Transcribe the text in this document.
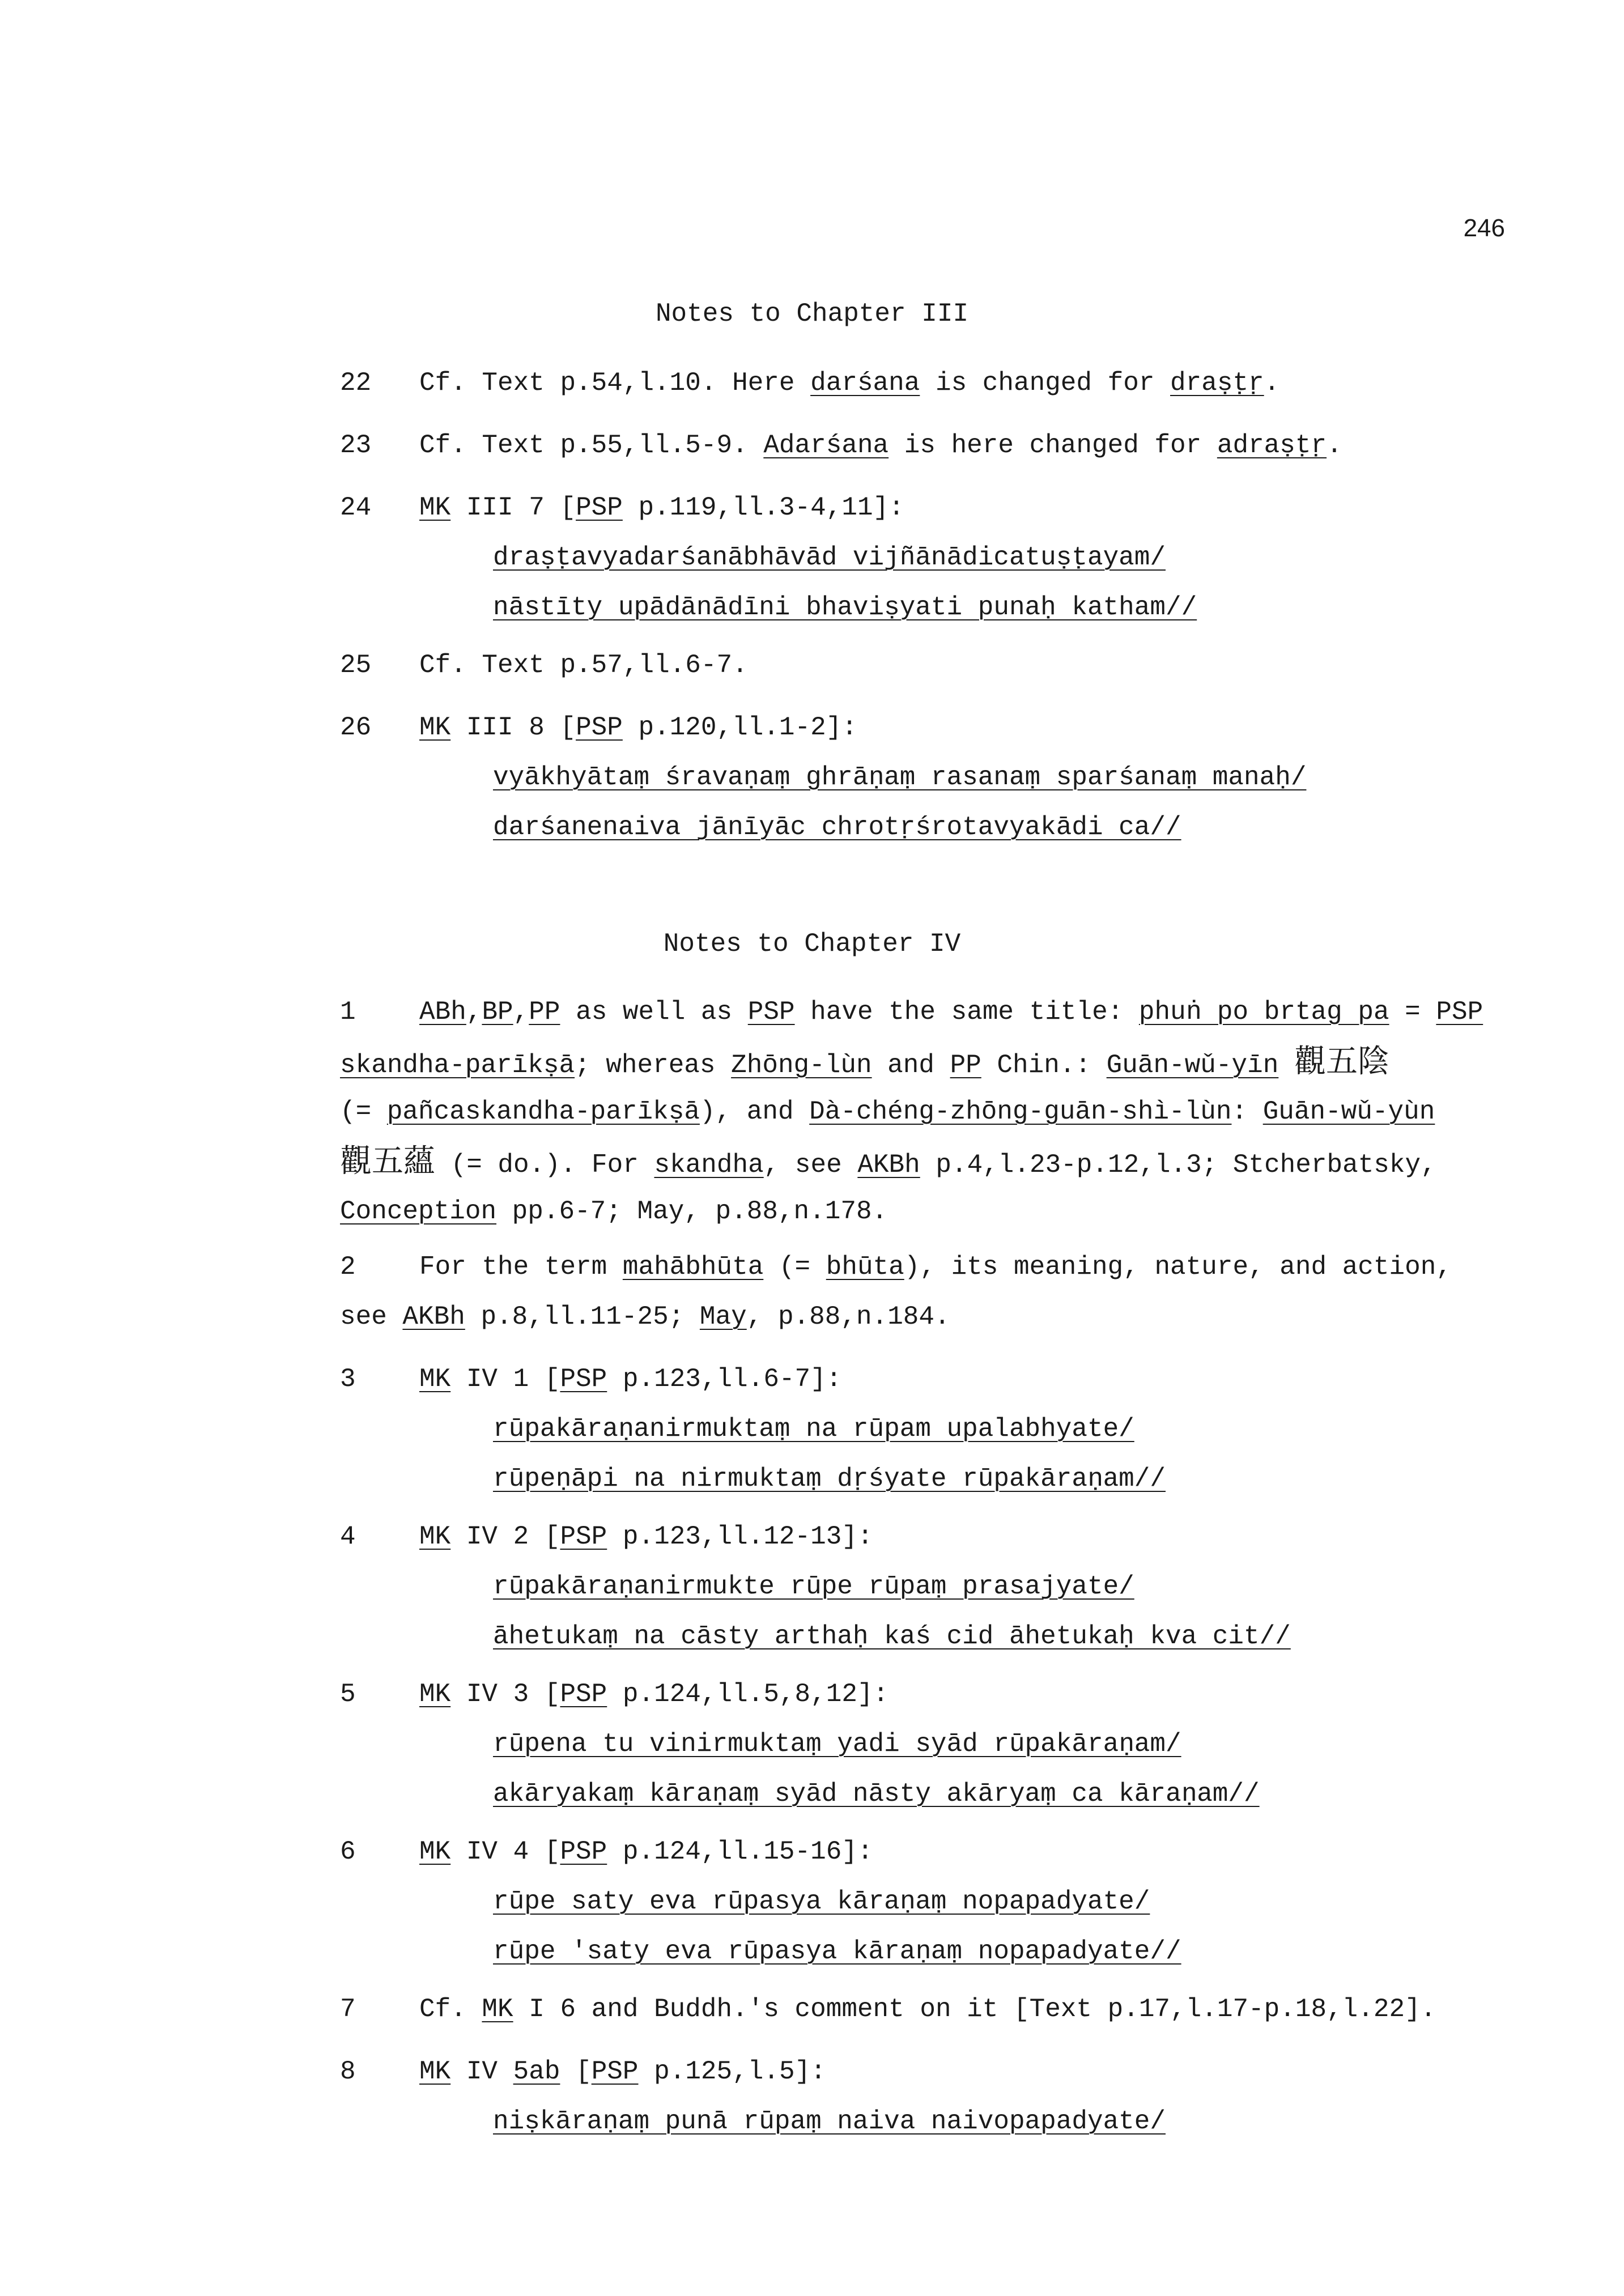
246
Notes to Chapter III
22 Cf. Text p.54,l.10. Here darśana is changed for draṣṭṛ.
23 Cf. Text p.55,ll.5-9. Adarśana is here changed for adraṣṭṛ.
24 MK III 7 [PSP p.119,ll.3-4,11]:
draṣṭavyadarśanābhāvād vijñānādicatuṣṭayam/
nāstīty upādānādīni bhaviṣyati punaḥ katham//
25 Cf. Text p.57,ll.6-7.
26 MK III 8 [PSP p.120,ll.1-2]:
vyākhyātaṃ śravaṇaṃ ghrāṇaṃ rasanaṃ sparśanaṃ manaḥ/
darśanenaiva jānīyāc chrotṛśrotavyakādi ca//
Notes to Chapter IV
1 ABh,BP,PP as well as PSP have the same title: phuṅ po brtag pa = PSP
skandha-parīkṣā; whereas Zhōng-lùn and PP Chin.: Guān-wǔ-yīn 觀五陰
(= pañcaskandha-parīkṣā), and Dà-chéng-zhōng-guān-shì-lùn: Guān-wǔ-yùn
觀五蘊 (= do.). For skandha, see AKBh p.4,l.23-p.12,l.3; Stcherbatsky,
Conception pp.6-7; May, p.88,n.178.
2 For the term mahābhūta (= bhūta), its meaning, nature, and action,
see AKBh p.8,ll.11-25; May, p.88,n.184.
3 MK IV 1 [PSP p.123,ll.6-7]:
rūpakāraṇanirmuktaṃ na rūpam upalabhyate/
rūpeṇāpi na nirmuktaṃ dṛśyate rūpakāraṇam//
4 MK IV 2 [PSP p.123,ll.12-13]:
rūpakāraṇanirmukte rūpe rūpaṃ prasajyate/
āhetukaṃ na cāsty arthaḥ kaś cid āhetukaḥ kva cit//
5 MK IV 3 [PSP p.124,ll.5,8,12]:
rūpena tu vinirmuktaṃ yadi syād rūpakāraṇam/
akāryakaṃ kāraṇaṃ syād nāsty akāryaṃ ca kāraṇam//
6 MK IV 4 [PSP p.124,ll.15-16]:
rūpe saty eva rūpasya kāraṇaṃ nopapadyate/
rūpe 'saty eva rūpasya kāraṇaṃ nopapadyate//
7 Cf. MK I 6 and Buddh.'s comment on it [Text p.17,l.17-p.18,l.22].
8 MK IV 5ab [PSP p.125,l.5]:
niṣkāraṇaṃ punā rūpaṃ naiva naivopapadyate/
